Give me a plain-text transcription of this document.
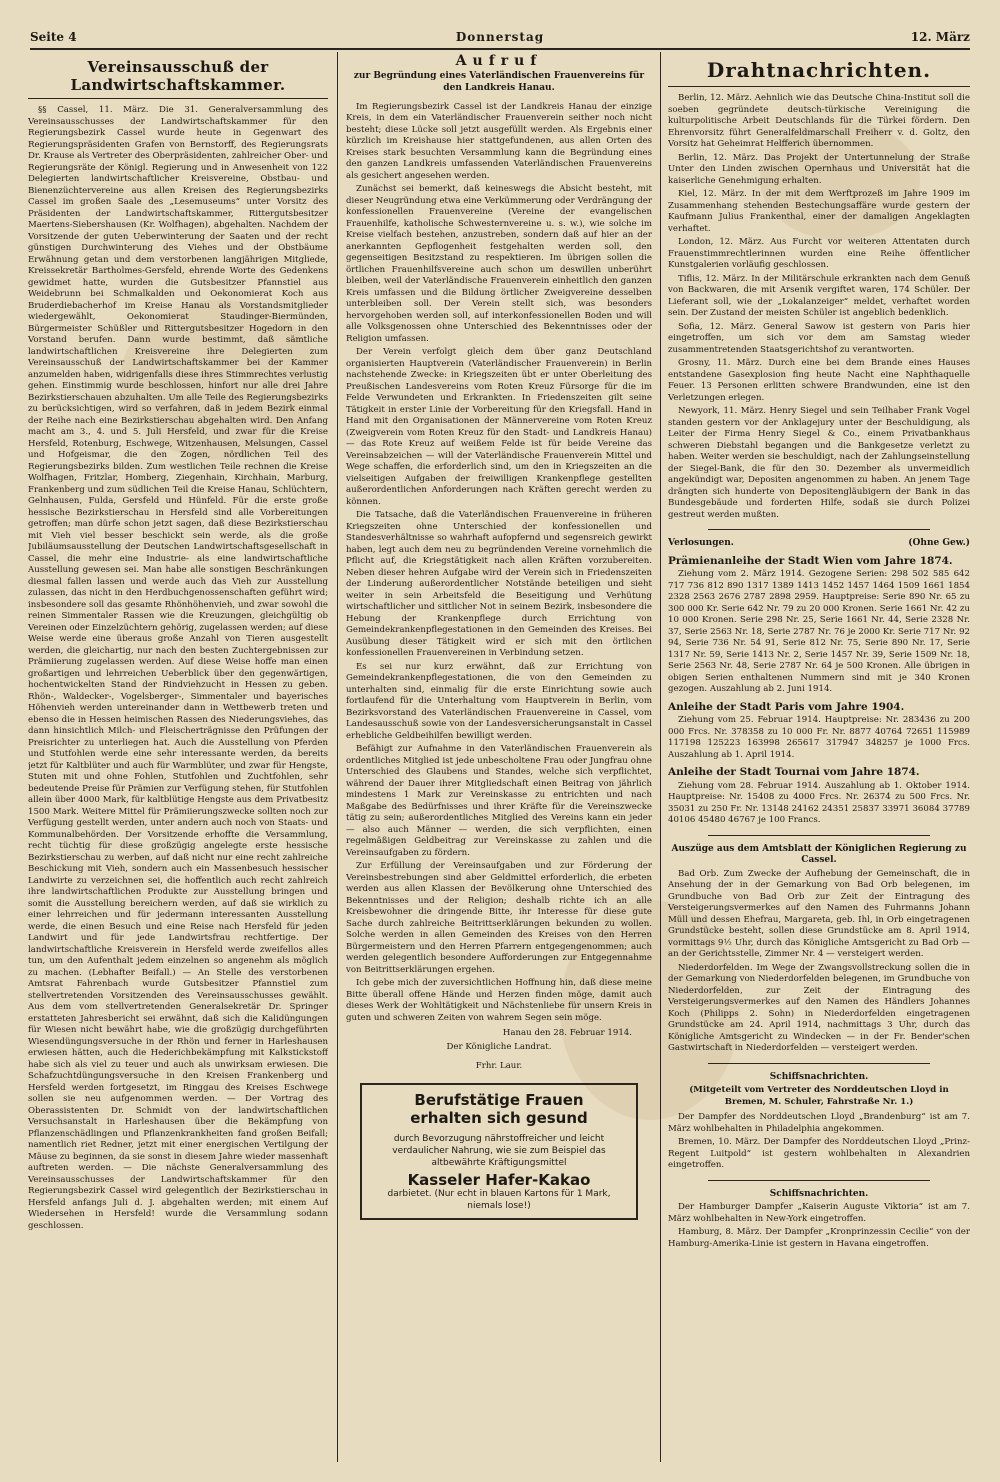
Seite 4	Donnerstag	12. März
Vereinsausschuß der Landwirtschaftskammer.

§§ Cassel, 11. März. Die 31. Generalversammlung des Vereinsausschusses der Landwirtschaftskammer für den Regierungsbezirk Cassel wurde heute in Gegenwart des Regierungspräsidenten Grafen von Bernstorff, des Regierungsrats Dr. Krause als Vertreter des Oberpräsidenten, zahlreicher Ober- und Regierungsräte der Königl. Regierung und in Anwesenheit von 122 Delegierten landwirtschaftlicher Kreisvereine, Obstbau- und Bienenzüchtervereine aus allen Kreisen des Regierungsbezirks Cassel im großen Saale des „Lesemuseums“ unter Vorsitz des Präsidenten der Landwirtschaftskammer, Rittergutsbesitzer Maertens-Siebershausen (Kr. Wolfhagen), abgehalten. Nachdem der Vorsitzende der guten Ueberwinterung der Saaten und der recht günstigen Durchwinterung des Viehes und der Obstbäume Erwähnung getan und dem verstorbenen langjährigen Mitgliede, Kreissekretär Bartholmes-Gersfeld, ehrende Worte des Gedenkens gewidmet hatte, wurden die Gutsbesitzer Pfannstiel aus Weidebrunn bei Schmalkalden und Oekonomierat Koch aus Bruderdiebacherhof im Kreise Hanau als Vorstandsmitglieder wiedergewählt, Oekonomierat Staudinger-Biermünden, Bürgermeister Schüßler und Rittergutsbesitzer Hogedorn in den Vorstand berufen. Dann wurde bestimmt, daß sämtliche landwirtschaftlichen Kreisvereine ihre Delegierten zum Vereinsausschuß der Landwirtschaftskammer bei der Kammer anzumelden haben, widrigenfalls diese ihres Stimmrechtes verlustig gehen. Einstimmig wurde beschlossen, hinfort nur alle drei Jahre Bezirkstierschauen abzuhalten. Um alle Teile des Regierungsbezirks zu berücksichtigen, wird so verfahren, daß in jedem Bezirk einmal der Reihe nach eine Bezirkstierschau abgehalten wird. Den Anfang macht am 3., 4. und 5. Juli Hersfeld, und zwar für die Kreise Hersfeld, Rotenburg, Eschwege, Witzenhausen, Melsungen, Cassel und Hofgeismar, die den Zogen, nördlichen Teil des Regierungsbezirks bilden. Zum westlichen Teile rechnen die Kreise Wolfhagen, Fritzlar, Homberg, Ziegenhain, Kirchhain, Marburg, Frankenberg und zum südlichen Teil die Kreise Hanau, Schlüchtern, Gelnhausen, Fulda, Gersfeld und Hünfeld. Für die erste große hessische Bezirkstierschau in Hersfeld sind alle Vorbereitungen getroffen; man dürfe schon jetzt sagen, daß diese Bezirkstierschau mit Vieh viel besser beschickt sein werde, als die große Jubiläumsausstellung der Deutschen Landwirtschaftsgesellschaft in Cassel, die mehr eine Industrie- als eine landwirtschaftliche Ausstellung gewesen sei. Man habe alle sonstigen Beschränkungen diesmal fallen lassen und werde auch das Vieh zur Ausstellung zulassen, das nicht in den Herdbuchgenossenschaften geführt wird; insbesondere soll das gesamte Rhönhöhenvieh, und zwar sowohl die reinen Simmentaler Rassen wie die Kreuzungen, gleichgültig ob Vereinen oder Einzelzüchtern gehörig, zugelassen werden; auf diese Weise werde eine überaus große Anzahl von Tieren ausgestellt werden, die gleichartig, nur nach den besten Zuchtergebnissen zur Prämiierung zugelassen werden. Auf diese Weise hoffe man einen großartigen und lehrreichen Ueberblick über den gegenwärtigen, hochentwickelten Stand der Rindviehzucht in Hessen zu geben. Rhön-, Waldecker-, Vogelsberger-, Simmentaler und bayerisches Höhenvieh werden untereinander dann in Wettbewerb treten und ebenso die in Hessen heimischen Rassen des Niederungsviehes, das dann hinsichtlich Milch- und Fleischerträgnisse den Prüfungen der Preisrichter zu unterliegen hat. Auch die Ausstellung von Pferden und Stutfohlen werde eine sehr interessante werden, da bereits jetzt für Kaltblüter und auch für Warmblüter, und zwar für Hengste, Stuten mit und ohne Fohlen, Stutfohlen und Zuchtfohlen, sehr bedeutende Preise für Prämien zur Verfügung stehen, für Stutfohlen allein über 4000 Mark, für kaltblütige Hengste aus dem Privatbesitz 1500 Mark. Weitere Mittel für Prämiierungszwecke sollten noch zur Verfügung gestellt werden, unter andern auch noch von Staats- und Kommunalbehörden. Der Vorsitzende erhoffte die Versammlung, recht tüchtig für diese großzügig angelegte erste hessische Bezirkstierschau zu werben, auf daß nicht nur eine recht zahlreiche Beschickung mit Vieh, sondern auch ein Massenbesuch hessischer Landwirte zu verzeichnen sei, die hoffentlich auch recht zahlreich ihre landwirtschaftlichen Produkte zur Ausstellung bringen und somit die Ausstellung bereichern werden, auf daß sie wirklich zu einer lehrreichen und für jedermann interessanten Ausstellung werde, die einen Besuch und eine Reise nach Hersfeld für jeden Landwirt und für jede Landwirtsfrau rechtfertige. Der landwirtschaftliche Kreisverein in Hersfeld werde zweifellos alles tun, um den Aufenthalt jedem einzelnen so angenehm als möglich zu machen. (Lebhafter Beifall.) — An Stelle des verstorbenen Amtsrat Fahrenbach wurde Gutsbesitzer Pfannstiel zum stellvertretenden Vorsitzenden des Vereinsausschusses gewählt. Aus dem vom stellvertretenden Generalsekretär Dr. Springer erstatteten Jahresbericht sei erwähnt, daß sich die Kalidüngungen für Wiesen nicht bewährt habe, wie die großzügig durchgeführten Wiesendüngungsversuche in der Rhön und ferner in Harleshausen erwiesen hätten, auch die Hederichbekämpfung mit Kalkstickstoff habe sich als viel zu teuer und auch als unwirksam erwiesen. Die Schafzuchtdüngungsversuche in den Kreisen Frankenberg und Hersfeld werden fortgesetzt, im Ringgau des Kreises Eschwege sollen sie neu aufgenommen werden. — Der Vortrag des Oberassistenten Dr. Schmidt von der landwirtschaftlichen Versuchsanstalt in Harleshausen über die Bekämpfung von Pflanzenschädlingen und Pflanzenkrankheiten fand großen Beifall; namentlich riet Redner, jetzt mit einer energischen Vertilgung der Mäuse zu beginnen, da sie sonst in diesem Jahre wieder massenhaft auftreten werden. — Die nächste Generalversammlung des Vereinsausschusses der Landwirtschaftskammer für den Regierungsbezirk Cassel wird gelegentlich der Bezirkstierschau in Hersfeld anfangs Juli d. J. abgehalten werden; mit einem Auf Wiedersehen in Hersfeld! wurde die Versammlung sodann geschlossen.

Aufruf
zur Begründung eines Vaterländischen Frauenvereins für den Landkreis Hanau.

Im Regierungsbezirk Cassel ist der Landkreis Hanau der einzige Kreis, in dem ein Vaterländischer Frauenverein seither noch nicht besteht; diese Lücke soll jetzt ausgefüllt werden. Als Ergebnis einer kürzlich im Kreishause hier stattgefundenen, aus allen Orten des Kreises stark besuchten Versammlung kann die Begründung eines den ganzen Landkreis umfassenden Vaterländischen Frauenvereins als gesichert angesehen werden.

Zunächst sei bemerkt, daß keineswegs die Absicht besteht, mit dieser Neugründung etwa eine Verkümmerung oder Verdrängung der konfessionellen Frauenvereine (Vereine der evangelischen Frauenhilfe, katholische Schwesternvereine u. s. w.), wie solche im Kreise vielfach bestehen, anzustreben, sondern daß auf hier an der anerkannten Gepflogenheit festgehalten werden soll, den gegenseitigen Besitzstand zu respektieren. Im übrigen sollen die örtlichen Frauenhilfsvereine auch schon um deswillen unberührt bleiben, weil der Vaterländische Frauenverein einheitlich den ganzen Kreis umfassen und die Bildung örtlicher Zweigvereine desselben unterbleiben soll. Der Verein stellt sich, was besonders hervorgehoben werden soll, auf interkonfessionellen Boden und will alle Volksgenossen ohne Unterschied des Bekenntnisses oder der Religion umfassen.

Der Verein verfolgt gleich dem über ganz Deutschland organisierten Hauptverein (Vaterländischer Frauenverein) in Berlin nachstehende Zwecke: in Kriegszeiten übt er unter Oberleitung des Preußischen Landesvereins vom Roten Kreuz Fürsorge für die im Felde Verwundeten und Erkrankten. In Friedenszeiten gilt seine Tätigkeit in erster Linie der Vorbereitung für den Kriegsfall. Hand in Hand mit den Organisationen der Männervereine vom Roten Kreuz (Zweigverein vom Roten Kreuz für den Stadt- und Landkreis Hanau) — das Rote Kreuz auf weißem Felde ist für beide Vereine das Vereinsabzeichen — will der Vaterländische Frauenverein Mittel und Wege schaffen, die erforderlich sind, um den in Kriegszeiten an die vielseitigen Aufgaben der freiwilligen Krankenpflege gestellten außerordentlichen Anforderungen nach Kräften gerecht werden zu können.

Die Tatsache, daß die Vaterländischen Frauenvereine in früheren Kriegszeiten ohne Unterschied der konfessionellen und Standesverhältnisse so wahrhaft aufopfernd und segensreich gewirkt haben, legt auch dem neu zu begründenden Vereine vornehmlich die Pflicht auf, die Kriegstätigkeit nach allen Kräften vorzubereiten. Neben dieser hehren Aufgabe wird der Verein sich in Friedenszeiten der Linderung außerordentlicher Notstände beteiligen und sieht weiter in sein Arbeitsfeld die Beseitigung und Verhütung wirtschaftlicher und sittlicher Not in seinem Bezirk, insbesondere die Hebung der Krankenpflege durch Errichtung von Gemeindekrankenpflegestationen in den Gemeinden des Kreises. Bei Ausübung dieser Tätigkeit wird er sich mit den örtlichen konfessionellen Frauenvereinen in Verbindung setzen.

Es sei nur kurz erwähnt, daß zur Errichtung von Gemeindekrankenpflegestationen, die von den Gemeinden zu unterhalten sind, einmalig für die erste Einrichtung sowie auch fortlaufend für die Unterhaltung vom Hauptverein in Berlin, vom Bezirksvorstand des Vaterländischen Frauenvereine in Cassel, vom Landesausschuß sowie von der Landesversicherungsanstalt in Cassel erhebliche Geldbeihilfen bewilligt werden.

Befähigt zur Aufnahme in den Vaterländischen Frauenverein als ordentliches Mitglied ist jede unbescholtene Frau oder Jungfrau ohne Unterschied des Glaubens und Standes, welche sich verpflichtet, während der Dauer ihrer Mitgliedschaft einen Beitrag von jährlich mindestens 1 Mark zur Vereinskasse zu entrichten und nach Maßgabe des Bedürfnisses und ihrer Kräfte für die Vereinszwecke tätig zu sein; außerordentliches Mitglied des Vereins kann ein jeder — also auch Männer — werden, die sich verpflichten, einen regelmäßigen Geldbeitrag zur Vereinskasse zu zahlen und die Vereinsaufgaben zu fördern.

Zur Erfüllung der Vereinsaufgaben und zur Förderung der Vereinsbestrebungen sind aber Geldmittel erforderlich, die erbeten werden aus allen Klassen der Bevölkerung ohne Unterschied des Bekenntnisses und der Religion; deshalb richte ich an alle Kreisbewohner die dringende Bitte, ihr Interesse für diese gute Sache durch zahlreiche Beitrittserklärungen bekunden zu wollen. Solche werden in allen Gemeinden des Kreises von den Herren Bürgermeistern und den Herren Pfarrern entgegengenommen; auch werden gelegentlich besondere Aufforderungen zur Entgegennahme von Beitrittserklärungen ergehen.

Ich gebe mich der zuversichtlichen Hoffnung hin, daß diese meine Bitte überall offene Hände und Herzen finden möge, damit auch dieses Werk der Wohltätigkeit und Nächstenliebe für unsern Kreis in guten und schweren Zeiten von wahrem Segen sein möge.

Hanau den 28. Februar 1914.
Der Königliche Landrat.
Frhr. Laur.
Berufstätige Frauen
erhalten sich gesund
durch Bevorzugung nährstoffreicher und leicht verdaulicher Nahrung, wie sie zum Beispiel das altbewährte Kräftigungsmittel
Kasseler Hafer-Kakao
darbietet. (Nur echt in blauen Kartons für 1 Mark, niemals lose!)
Drahtnachrichten.

Berlin, 12. März. Aehnlich wie das Deutsche China-Institut soll die soeben gegründete deutsch-türkische Vereinigung die kulturpolitische Arbeit Deutschlands für die Türkei fördern. Den Ehrenvorsitz führt Generalfeldmarschall Freiherr v. d. Goltz, den Vorsitz hat Geheimrat Helfferich übernommen.

Berlin, 12. März. Das Projekt der Untertunnelung der Straße Unter den Linden zwischen Opernhaus und Universität hat die kaiserliche Genehmigung erhalten.

Kiel, 12. März. In der mit dem Werftprozeß im Jahre 1909 im Zusammenhang stehenden Bestechungsaffäre wurde gestern der Kaufmann Julius Frankenthal, einer der damaligen Angeklagten verhaftet.

London, 12. März. Aus Furcht vor weiteren Attentaten durch Frauenstimmrechtlerinnen wurden eine Reihe öffentlicher Kunstgalerien vorläufig geschlossen.

Tiflis, 12. März. In der Militärschule erkrankten nach dem Genuß von Backwaren, die mit Arsenik vergiftet waren, 174 Schüler. Der Lieferant soll, wie der „Lokalanzeiger“ meldet, verhaftet worden sein. Der Zustand der meisten Schüler ist angeblich bedenklich.

Sofia, 12. März. General Sawow ist gestern von Paris hier eingetroffen, um sich vor dem am Samstag wieder zusammentretenden Staatsgerichtshof zu verantworten.

Grosny, 11. März. Durch eine bei dem Brande eines Hauses entstandene Gasexplosion fing heute Nacht eine Naphthaquelle Feuer. 13 Personen erlitten schwere Brandwunden, eine ist den Verletzungen erlegen.

Newyork, 11. März. Henry Siegel und sein Teilhaber Frank Vogel standen gestern vor der Anklagejury unter der Beschuldigung, als Leiter der Firma Henry Siegel & Co., einem Privatbankhaus schweren Diebstahl begangen und die Bankgesetze verletzt zu haben. Weiter werden sie beschuldigt, nach der Zahlungseinstellung der Siegel-Bank, die für den 30. Dezember als unvermeidlich angekündigt war, Depositen angenommen zu haben. An jenem Tage drängten sich hunderte von Depositengläubigern der Bank in das Bundesgebäude und forderten Hilfe, sodaß sie durch Polizei gestreut werden mußten.

Verlosungen.	(Ohne Gew.)
Prämienanleihe der Stadt Wien vom Jahre 1874.

Ziehung vom 2. März 1914. Gezogene Serien: 298 502 585 642 717 736 812 890 1317 1389 1413 1452 1457 1464 1509 1661 1854 2328 2563 2676 2787 2898 2959. Hauptpreise: Serie 890 Nr. 65 zu 300 000 Kr. Serie 642 Nr. 79 zu 20 000 Kronen. Serie 1661 Nr. 42 zu 10 000 Kronen. Serie 298 Nr. 25, Serie 1661 Nr. 44, Serie 2328 Nr. 37, Serie 2563 Nr. 18, Serie 2787 Nr. 76 je 2000 Kr. Serie 717 Nr. 92 94, Serie 736 Nr. 54 91, Serie 812 Nr. 75, Serie 890 Nr. 17, Serie 1317 Nr. 59, Serie 1413 Nr. 2, Serie 1457 Nr. 39, Serie 1509 Nr. 18, Serie 2563 Nr. 48, Serie 2787 Nr. 64 je 500 Kronen. Alle übrigen in obigen Serien enthaltenen Nummern sind mit je 340 Kronen gezogen. Auszahlung ab 2. Juni 1914.

Anleihe der Stadt Paris vom Jahre 1904.

Ziehung vom 25. Februar 1914. Hauptpreise: Nr. 283436 zu 200 000 Frcs. Nr. 378358 zu 10 000 Fr. Nr. 8877 40764 72651 115989 117198 125223 163998 265617 317947 348257 je 1000 Frcs. Auszahlung ab 1. April 1914.

Anleihe der Stadt Tournai vom Jahre 1874.

Ziehung vom 28. Februar 1914. Auszahlung ab 1. Oktober 1914. Hauptpreise: Nr. 15408 zu 4000 Frcs. Nr. 26374 zu 500 Frcs. Nr. 35031 zu 250 Fr. Nr. 13148 24162 24351 25837 33971 36084 37789 40106 45480 46767 je 100 Francs.

Auszüge aus dem Amtsblatt der Königlichen Regierung zu Cassel.

Bad Orb. Zum Zwecke der Aufhebung der Gemeinschaft, die in Ansehung der in der Gemarkung von Bad Orb belegenen, im Grundbuche von Bad Orb zur Zeit der Eintragung des Versteigerungsvermerkes auf den Namen des Fuhrmanns Johann Müll und dessen Ehefrau, Margareta, geb. Ihl, in Orb eingetragenen Grundstücke besteht, sollen diese Grundstücke am 8. April 1914, vormittags 9½ Uhr, durch das Königliche Amtsgericht zu Bad Orb — an der Gerichtsstelle, Zimmer Nr. 4 — versteigert werden.

Niederdorfelden. Im Wege der Zwangsvollstreckung sollen die in der Gemarkung von Niederdorfelden belegenen, im Grundbuche von Niederdorfelden, zur Zeit der Eintragung des Versteigerungsvermerkes auf den Namen des Händlers Johannes Koch (Philipps 2. Sohn) in Niederdorfelden eingetragenen Grundstücke am 24. April 1914, nachmittags 3 Uhr, durch das Königliche Amtsgericht zu Windecken — in der Fr. Bender'schen Gastwirtschaft in Niederdorfelden — versteigert werden.

Schiffsnachrichten.
(Mitgeteilt vom Vertreter des Norddeutschen Lloyd in Bremen, M. Schuler, Fahrstraße Nr. 1.)

Der Dampfer des Norddeutschen Lloyd „Brandenburg“ ist am 7. März wohlbehalten in Philadelphia angekommen.

Bremen, 10. März. Der Dampfer des Norddeutschen Lloyd „Prinz-Regent Luitpold“ ist gestern wohlbehalten in Alexandrien eingetroffen.

Schiffsnachrichten.

Der Hamburger Dampfer „Kaiserin Auguste Viktoria“ ist am 7. März wohlbehalten in New-York eingetroffen.

Hamburg, 8. März. Der Dampfer „Kronprinzessin Cecilie“ von der Hamburg-Amerika-Linie ist gestern in Havana eingetroffen.
